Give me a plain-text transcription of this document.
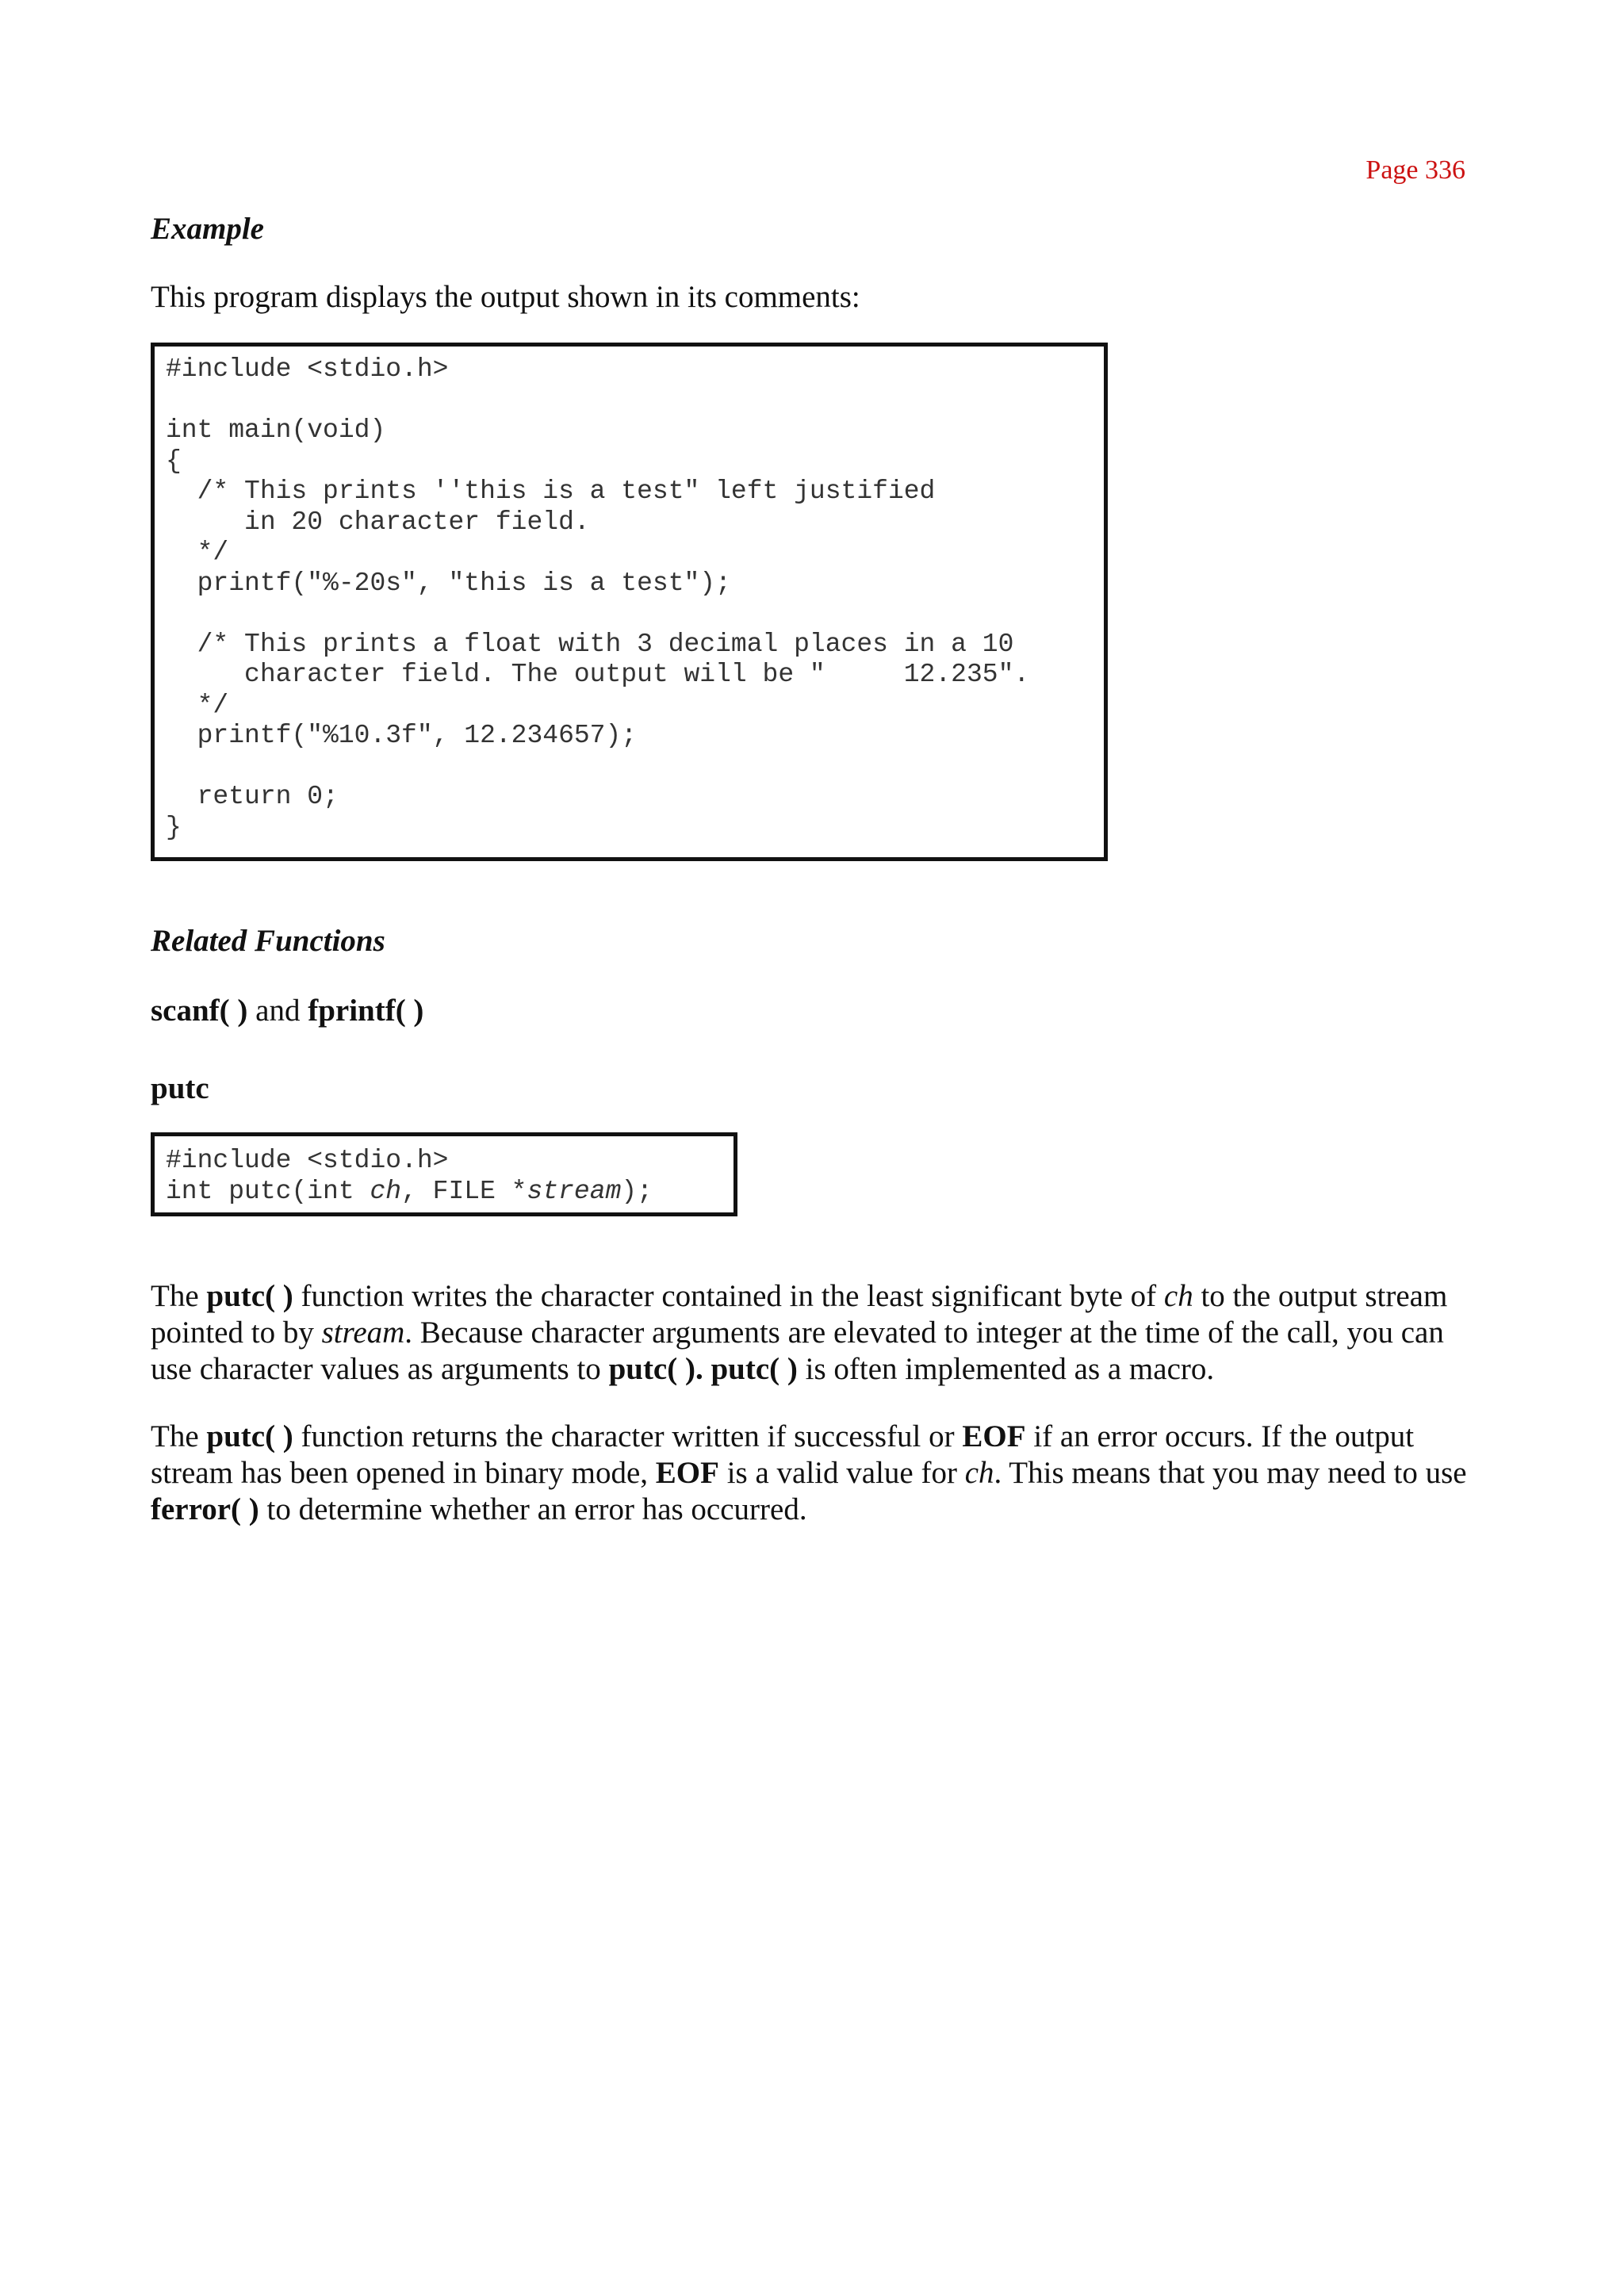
Page 336
Example

This program displays the output shown in its comments:

#include <stdio.h>

int main(void)
{
/* This prints ''this is a test" left justified
in 20 character field.
*/
printf("%-20s", "this is a test");

/* This prints a float with 3 decimal places in a 10
character field. The output will be "     12.235".
*/
printf("%10.3f", 12.234657);

return 0;
}
Related Functions

scanf( ) and fprintf( )

putc
#include <stdio.h>
int putc(int ch, FILE *stream);

The putc( ) function writes the character contained in the least significant byte of ch to the output stream pointed to by stream. Because character arguments are elevated to integer at the time of the call, you can use character values as arguments to putc( ). putc( ) is often implemented as a macro.

The putc( ) function returns the character written if successful or EOF if an error occurs. If the output stream has been opened in binary mode, EOF is a valid value for ch. This means that you may need to use ferror( ) to determine whether an error has occurred.
